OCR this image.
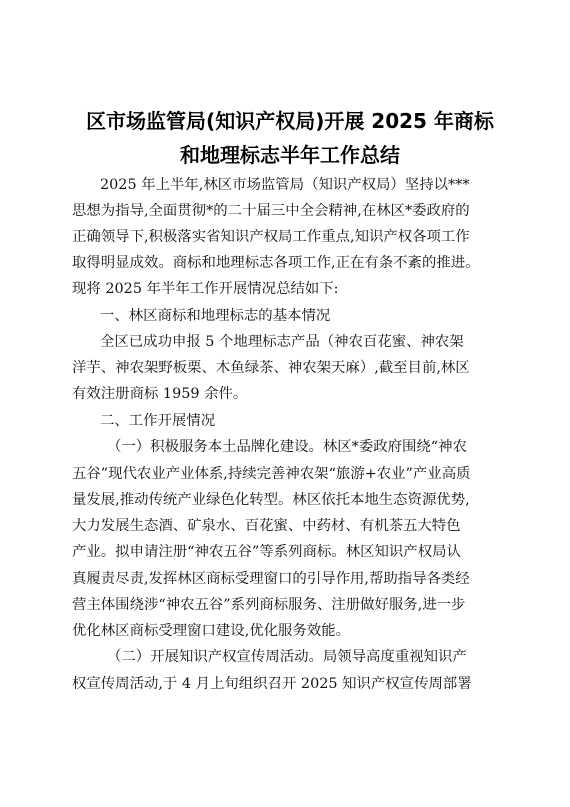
区市场监管局(知识产权局)开展 2025 年商标
和地理标志半年工作总结
2025 年上半年,林区市场监管局（知识产权局）坚持以***
思想为指导,全面贯彻*的二十届三中全会精神,在林区*委政府的
正确领导下,积极落实省知识产权局工作重点,知识产权各项工作
取得明显成效。商标和地理标志各项工作,正在有条不紊的推进。
现将 2025 年半年工作开展情况总结如下:
一、林区商标和地理标志的基本情况
全区已成功申报 5 个地理标志产品（神农百花蜜、神农架
洋芋、神农架野板栗、木鱼绿茶、神农架天麻）,截至目前,林区
有效注册商标 1959 余件。
二、工作开展情况
（一）积极服务本土品牌化建设。林区*委政府围绕“神农
五谷”现代农业产业体系,持续完善神农架“旅游+农业”产业高质
量发展,推动传统产业绿色化转型。林区依托本地生态资源优势,
大力发展生态酒、矿泉水、百花蜜、中药材、有机茶五大特色
产业。拟申请注册“神农五谷”等系列商标。林区知识产权局认
真履责尽责,发挥林区商标受理窗口的引导作用,帮助指导各类经
营主体围绕涉“神农五谷”系列商标服务、注册做好服务,进一步
优化林区商标受理窗口建设,优化服务效能。
（二）开展知识产权宣传周活动。局领导高度重视知识产
权宣传周活动,于 4 月上旬组织召开 2025 知识产权宣传周部署
